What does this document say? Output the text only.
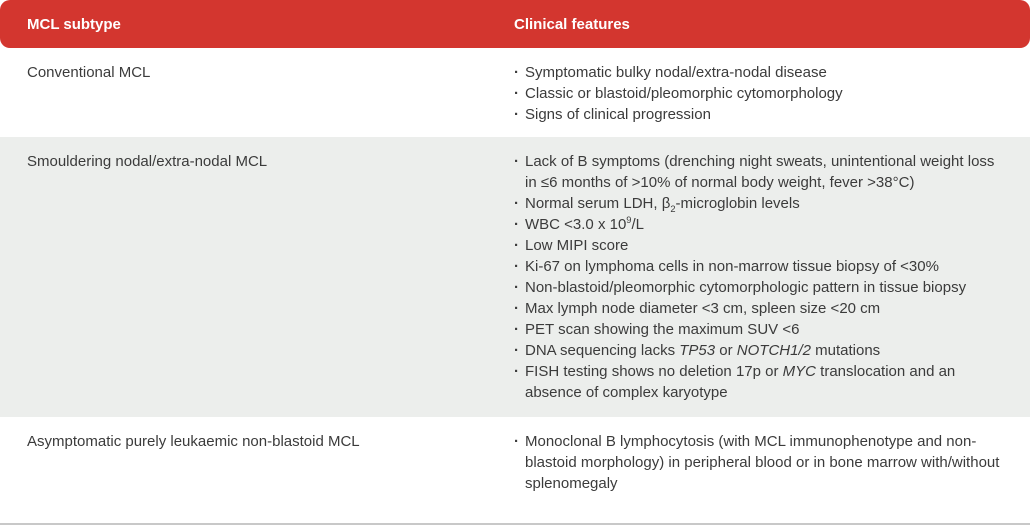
MCL subtype	Clinical features
Conventional MCL	· Symptomatic bulky nodal/extra-nodal disease
· Classic or blastoid/pleomorphic cytomorphology
· Signs of clinical progression
Smouldering nodal/extra-nodal MCL	· Lack of B symptoms (drenching night sweats, unintentional weight loss in ≤6 months of >10% of normal body weight, fever >38°C)
· Normal serum LDH, $\beta_2$-microglobin levels
· WBC <3.0 x $10^9/L$
· Low MIPI score
· Ki-67 on lymphoma cells in non-marrow tissue biopsy of <30%
· Non-blastoid/pleomorphic cytomorphologic pattern in tissue biopsy
· Max lymph node diameter <3 cm, spleen size <20 cm
· PET scan showing the maximum SUV <6
· DNA sequencing lacks TP53 or NOTCH1/2 mutations
· FISH testing shows no deletion 17p or MYC translocation and an absence of complex karyotype
Asymptomatic purely leukaemic non-blastoid MCL	· Monoclonal B lymphocytosis (with MCL immunophenotype and non-blastoid morphology) in peripheral blood or in bone marrow with/without splenomegaly
